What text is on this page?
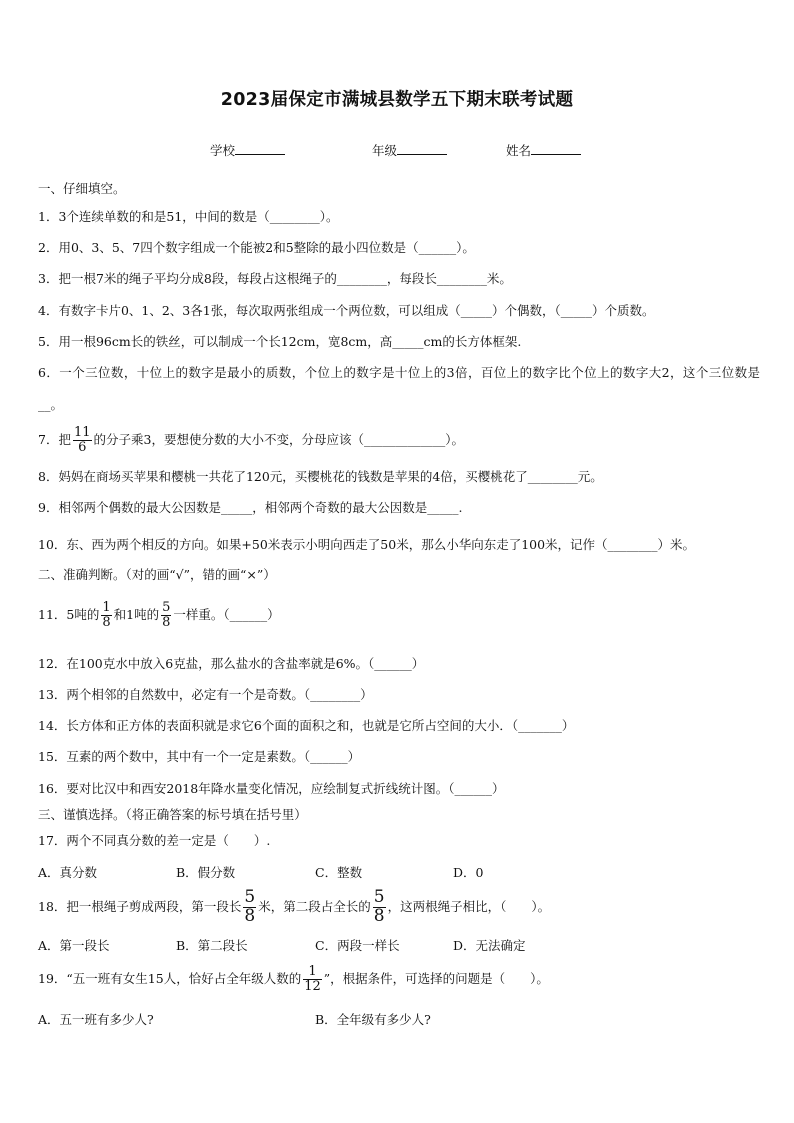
2023届保定市满城县数学五下期末联考试题
学校	年级	姓名
一、仔细填空。
1．3个连续单数的和是51，中间的数是（________）。
2．用0、3、5、7四个数字组成一个能被2和5整除的最小四位数是（______）。
3．把一根7米的绳子平均分成8段，每段占这根绳子的________，每段长________米。
4．有数字卡片0、1、2、3各1张，每次取两张组成一个两位数，可以组成（_____）个偶数，（_____）个质数。
5．用一根96cm长的铁丝，可以制成一个长12cm，宽8cm，高_____cm的长方体框架.
6．一个三位数，十位上的数字是最小的质数，个位上的数字是十位上的3倍，百位上的数字比个位上的数字大2，这个三位数是__。
7．把 $\frac{11}{6}$ 的分子乘3，要想使分数的大小不变，分母应该（_____________）。
8．妈妈在商场买苹果和樱桃一共花了120元，买樱桃花的钱数是苹果的4倍，买樱桃花了________元。
9．相邻两个偶数的最大公因数是_____，相邻两个奇数的最大公因数是_____.
10．东、西为两个相反的方向。如果+50米表示小明向西走了50米，那么小华向东走了100米，记作（________）米。
二、准确判断。（对的画“√”，错的画“×”）
11．5吨的 $\frac{1}{8}$ 和1吨的 $\frac{5}{8}$ 一样重。（______）
12．在100克水中放入6克盐，那么盐水的含盐率就是6%。（______）
13．两个相邻的自然数中，必定有一个是奇数。（________）
14．长方体和正方体的表面积就是求它6个面的面积之和，也就是它所占空间的大小．（_______）
15．互素的两个数中，其中有一个一定是素数。（______）
16．要对比汉中和西安2018年降水量变化情况，应绘制复式折线统计图。（______）
三、谨慎选择。（将正确答案的标号填在括号里）
17．两个不同真分数的差一定是（　　）.
A．真分数	B．假分数	C．整数	D．0
18．把一根绳子剪成两段，第一段长 $\frac{5}{8}$ 米，第二段占全长的 $\frac{5}{8}$ ，这两根绳子相比，（　　）。
A．第一段长	B．第二段长	C．两段一样长	D．无法确定
19．“五一班有女生15人，恰好占全年级人数的 $\frac{1}{12}$ ”，根据条件，可选择的问题是（　　）。
A．五一班有多少人?	B．全年级有多少人?
